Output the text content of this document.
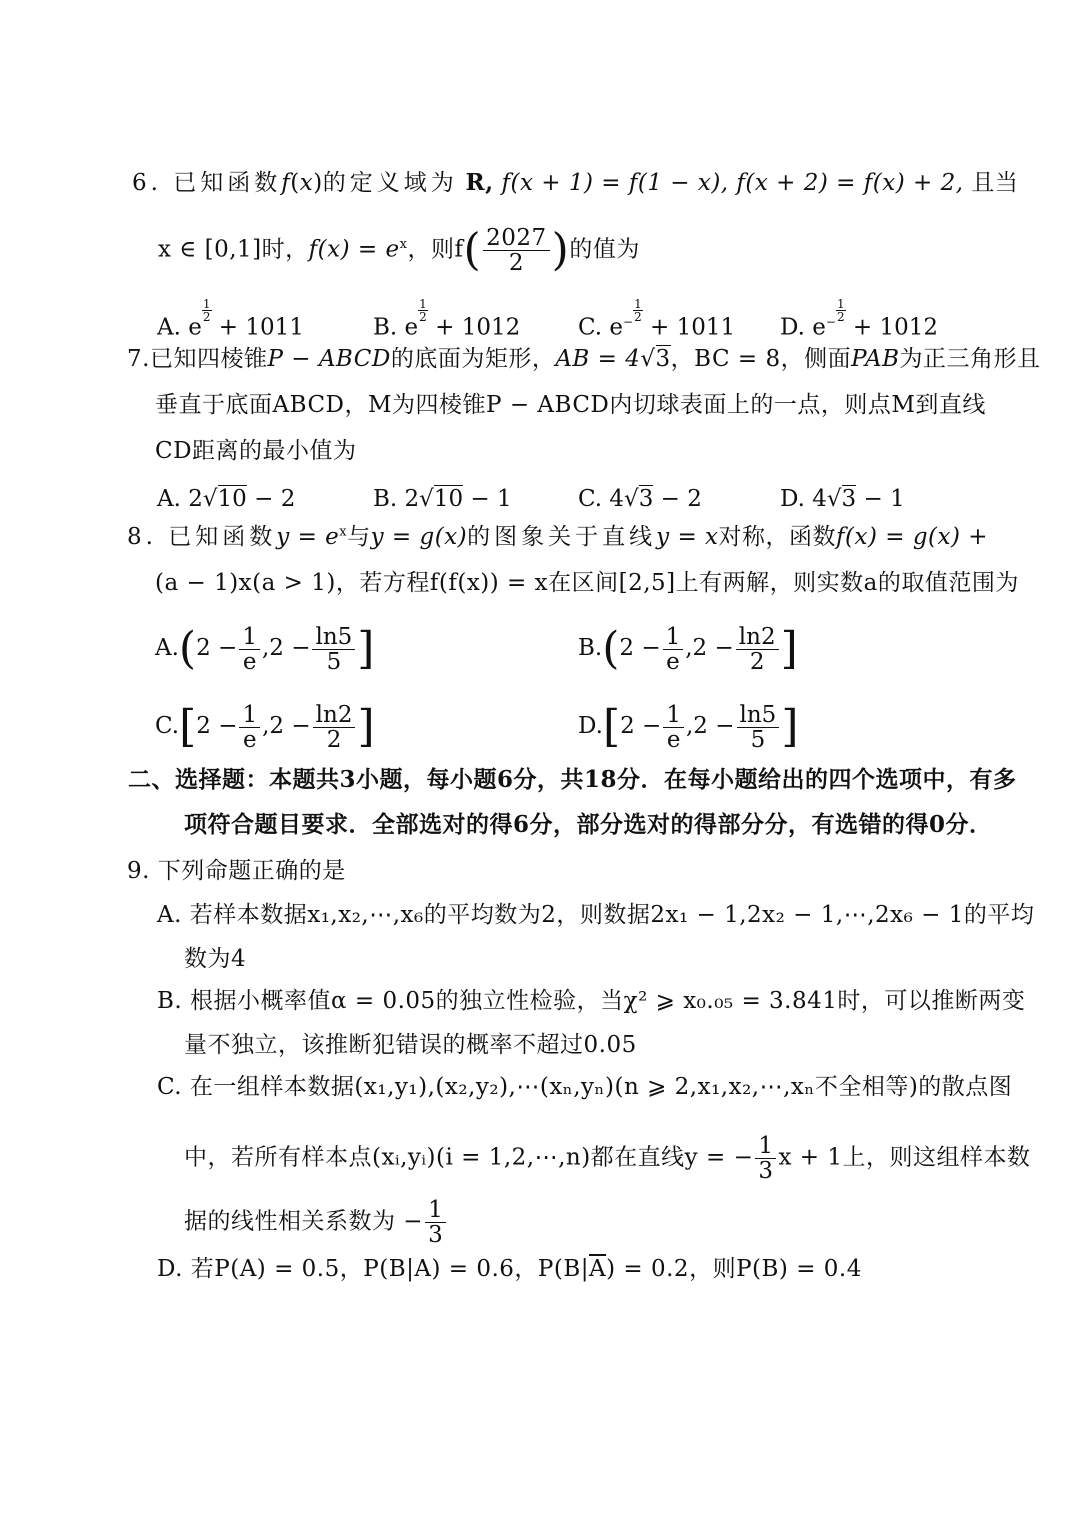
6. 已知函数f(x)的定义域为 R, f(x + 1) = f(1 − x), f(x + 2) = f(x) + 2, 且当
x ∈ [0,1]时，$f(x) = e^x$，则$f( \frac{2027}{2}$ )的值为
A. e
$\frac{1}{2}$
+ 1011	B. e
$\frac{1}{2}$
+ 1012	C. $e- \frac{1}{2}$
+ 1011 D. $e- \frac{1}{2}$
+ 1012
7.已知四棱锥P − ABCD的底面为矩形，AB = 4√3，BC = 8，侧面PAB为正三角形且
垂直于底面ABCD，M为四棱锥P − ABCD内切球表面上的一点，则点M到直线
CD距离的最小值为
A. 2√10 − 2	B. 2√10 − 1	C. 4√3 − 2	D. 4√3 − 1
8. 已知函数$y = e^x$与y = g(x)的图象关于直线y = x对称，函数f(x) = g(x) +
(a − 1)x(a > 1)，若方程f(f(x)) = x在区间[2,5]上有两解，则实数a的取值范围为
$A.(2 - \frac{1}{e} ,2 - \frac{\ln 5}{5}$ ]	$B.(2 - \frac{1}{e} ,2 - \frac{\ln 2}{2}$ ]
$C.[2 - \frac{1}{e} ,2 - \frac{\ln 2}{2}$ ]	$D.[2 - \frac{1}{e} ,2 - \frac{\ln 5}{5}$ ]
二、选择题：本题共3小题，每小题6分，共18分．在每小题给出的四个选项中，有多
项符合题目要求．全部选对的得6分，部分选对的得部分分，有选错的得0分．
9. 下列命题正确的是
A. 若样本数据x₁,x₂,⋯,x₆的平均数为2，则数据2x₁ − 1,2x₂ − 1,⋯,2x₆ − 1的平均
数为4
B. 根据小概率值α = 0.05的独立性检验，当χ² ⩾ x₀.₀₅ = 3.841时，可以推断两变
量不独立，该推断犯错误的概率不超过0.05
C. 在一组样本数据(x₁,y₁),(x₂,y₂),⋯(xₙ,yₙ)(n ⩾ 2,x₁,x₂,⋯,xₙ不全相等)的散点图
中，若所有样本点(xᵢ,yᵢ)(i = 1,2,⋯,n)都在直线y = − $\frac{1}{3}$ x + 1上，则这组样本数
据的线性相关系数为 − $\frac{1}{3}$
D. 若P(A) = 0.5，P(B|A) = 0.6，$P(B|\overline{A}) = 0.2$，则P(B) = 0.4
